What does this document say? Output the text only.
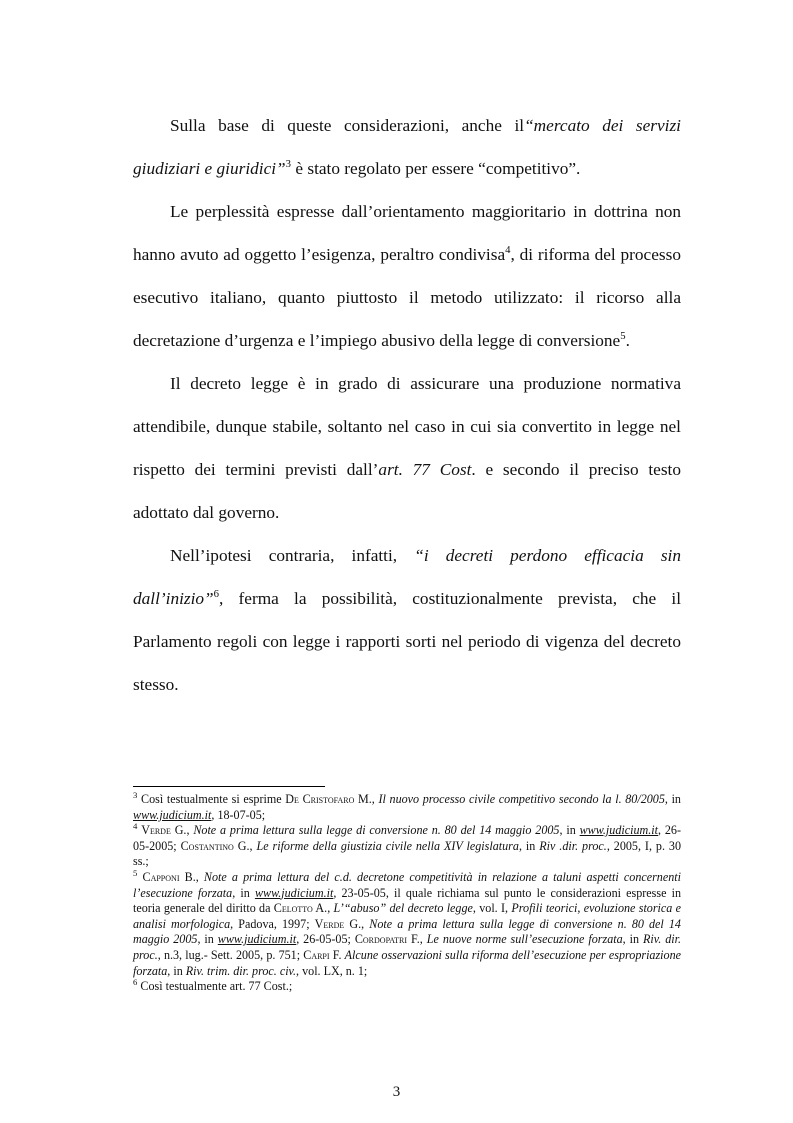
Sulla base di queste considerazioni, anche il“mercato dei servizi giudiziari e giuridici”$^3$ è stato regolato per essere “competitivo”.

Le perplessità espresse dall’orientamento maggioritario in dottrina non hanno avuto ad oggetto l’esigenza, peraltro condivisa$^4$, di riforma del processo esecutivo italiano, quanto piuttosto il metodo utilizzato: il ricorso alla decretazione d’urgenza e l’impiego abusivo della legge di conversione$^5$.

Il decreto legge è in grado di assicurare una produzione normativa attendibile, dunque stabile, soltanto nel caso in cui sia convertito in legge nel rispetto dei termini previsti dall’art. 77 Cost. e secondo il preciso testo adottato dal governo.

Nell’ipotesi contraria, infatti, “i decreti perdono efficacia sin dall’inizio”$^6$, ferma la possibilità, costituzionalmente prevista, che il Parlamento regoli con legge i rapporti sorti nel periodo di vigenza del decreto stesso.

$^3$ Così testualmente si esprime De Cristofaro M., Il nuovo processo civile competitivo secondo la l. 80/2005, in www.judicium.it, 18-07-05;

$^4$ Verde G., Note a prima lettura sulla legge di conversione n. 80 del 14 maggio 2005, in www.judicium.it, 26-05-2005; Costantino G., Le riforme della giustizia civile nella XIV legislatura, in Riv .dir. proc., 2005, I, p. 30 ss.;

$^5$ Capponi B., Note a prima lettura del c.d. decretone competitività in relazione a taluni aspetti concernenti l’esecuzione forzata, in www.judicium.it, 23-05-05, il quale richiama sul punto le considerazioni espresse in teoria generale del diritto da Celotto A., L’“abuso” del decreto legge, vol. I, Profili teorici, evoluzione storica e analisi morfologica, Padova, 1997; Verde G., Note a prima lettura sulla legge di conversione n. 80 del 14 maggio 2005, in www.judicium.it, 26-05-05; Cordopatri F., Le nuove norme sull’esecuzione forzata, in Riv. dir. proc., n.3, lug.- Sett. 2005, p. 751; Carpi F. Alcune osservazioni sulla riforma dell’esecuzione per espropriazione forzata, in Riv. trim. dir. proc. civ., vol. LX, n. 1;

$^6$ Così testualmente art. 77 Cost.;

3
